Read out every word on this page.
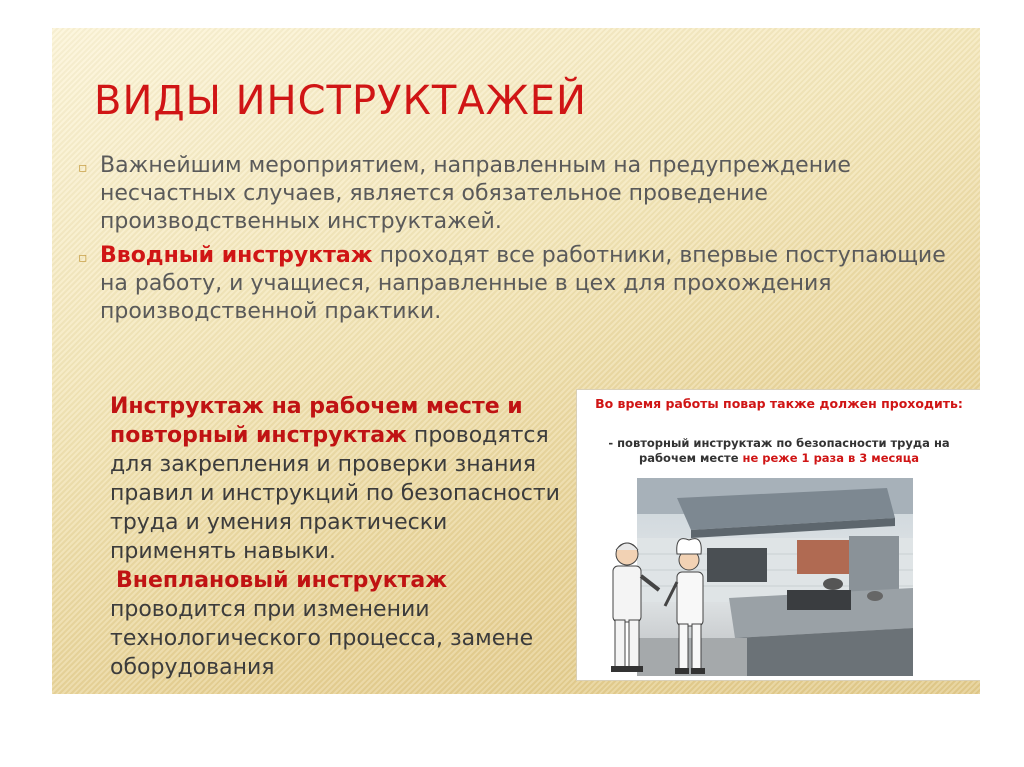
ВИДЫ ИНСТРУКТАЖЕЙ
▫ Важнейшим мероприятием, направленным на предупреждение несчастных случаев, является обязательное проведение производственных инструктажей.
▫ Вводный инструктаж проходят все работники, впервые поступающие на работу, и учащиеся, направленные в цех для прохождения производственной практики.
Инструктаж на рабочем месте и повторный инструктаж проводятся для закрепления и проверки знания правил и инструкций по безопасности труда и умения практически применять навыки.
Внеплановый инструктаж проводится при изменении технологического процесса, замене оборудования
Во время работы повар также должен проходить:
- повторный инструктаж по безопасности труда на рабочем месте не реже 1 раза в 3 месяца
